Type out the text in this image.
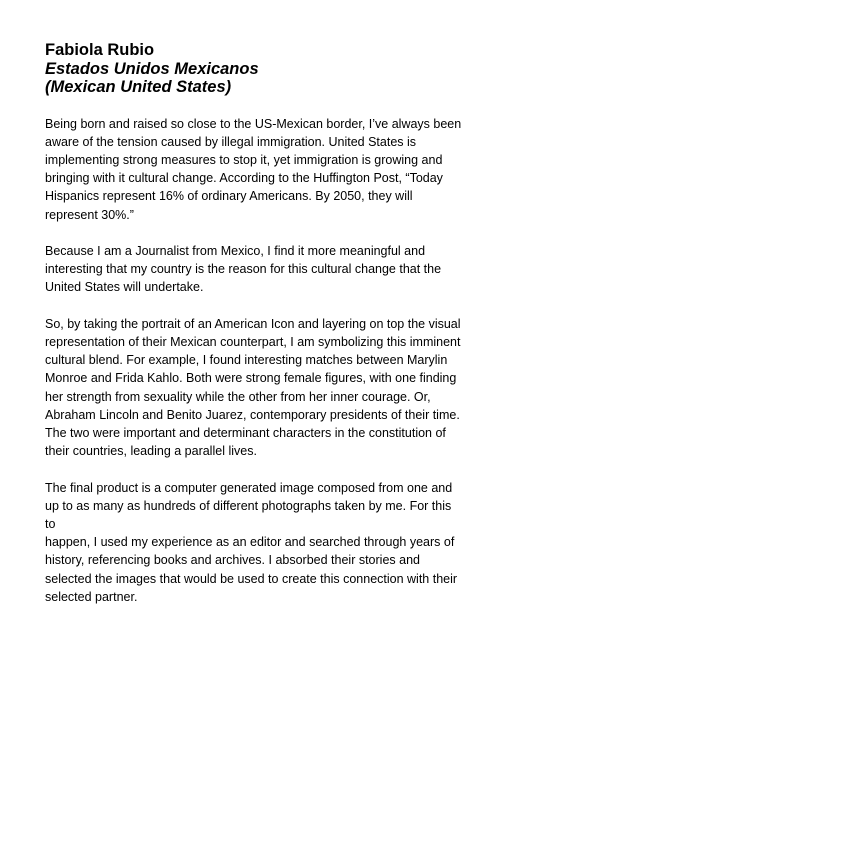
Fabiola Rubio
Estados Unidos Mexicanos
(Mexican United States)
Being born and raised so close to the US-Mexican border, I’ve always been
aware of the tension caused by illegal immigration. United States is
implementing strong measures to stop it, yet immigration is growing and
bringing with it cultural change. According to the Huffington Post, “Today
Hispanics represent 16% of ordinary Americans. By 2050, they will
represent 30%.”
Because I am a Journalist from Mexico, I find it more meaningful and
interesting that my country is the reason for this cultural change that the
United States will undertake.
So, by taking the portrait of an American Icon and layering on top the visual
representation of their Mexican counterpart, I am symbolizing this imminent
cultural blend. For example, I found interesting matches between Marylin
Monroe and Frida Kahlo. Both were strong female figures, with one finding
her strength from sexuality while the other from her inner courage. Or,
Abraham Lincoln and Benito Juarez, contemporary presidents of their time.
The two were important and determinant characters in the constitution of
their countries, leading a parallel lives.
The final product is a computer generated image composed from one and
up to as many as hundreds of different photographs taken by me. For this to
happen, I used my experience as an editor and searched through years of
history, referencing books and archives. I absorbed their stories and
selected the images that would be used to create this connection with their
selected partner.
